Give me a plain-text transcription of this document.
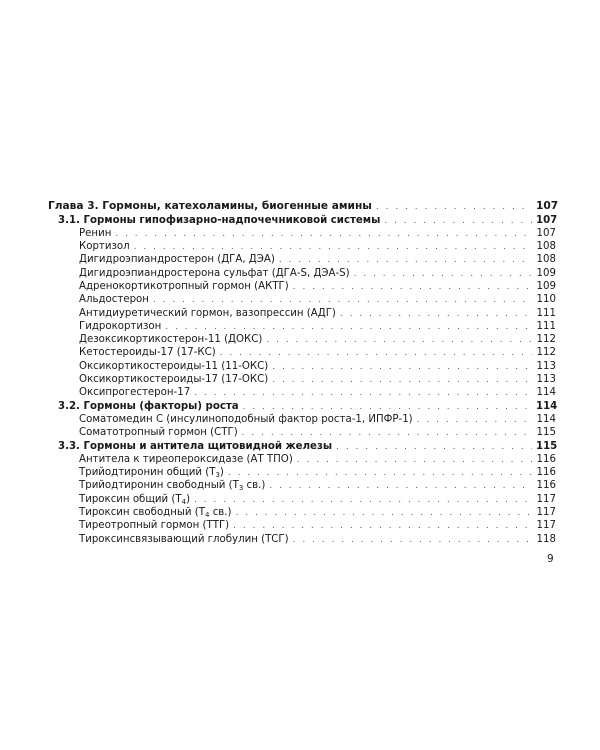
Глава 3. Гормоны, катехоламины, биогенные амины . . .	107
3.1. Гормоны гипофизарно-надпочечниковой системы . . .	107
Ренин . . .	107
Кортизол . . .	108
Дигидроэпиандростерон (ДГА, ДЭА) . . .	108
Дигидроэпиандростерона сульфат (ДГА-S, ДЭА-S) . . .	109
Адренокортикотропный гормон (АКТГ) . . .	109
Альдостерон . . .	110
Антидиуретический гормон, вазопрессин (АДГ) . . .	111
Гидрокортизон . . .	111
Дезоксикортикостерон-11 (ДОКС) . . .	112
Кетостероиды-17 (17-КС) . . .	112
Оксикортикостероиды-11 (11-ОКС) . . .	113
Оксикортикостероиды-17 (17-ОКС) . . .	113
Оксипрогестерон-17 . . .	114
3.2. Гормоны (факторы) роста . . .	114
Соматомедин С (инсулиноподобный фактор роста-1, ИПФР-1) . . .	114
Соматотропный гормон (СТГ) . . .	115
3.3. Гормоны и антитела щитовидной железы . . .	115
Антитела к тиреопероксидазе (АТ ТПО) . . .	116
Трийодтиронин общий $(Т_3)$ . . .	116
Трийодтиронин свободный ($Т_3$ св.) . . .	116
Тироксин общий $(Т_4)$ . . .	117
Тироксин свободный ($Т_4$ св.) . . .	117
Тиреотропный гормон (ТТГ) . . .	117
Тироксинсвязывающий глобулин (ТСГ) . . .	118
9
